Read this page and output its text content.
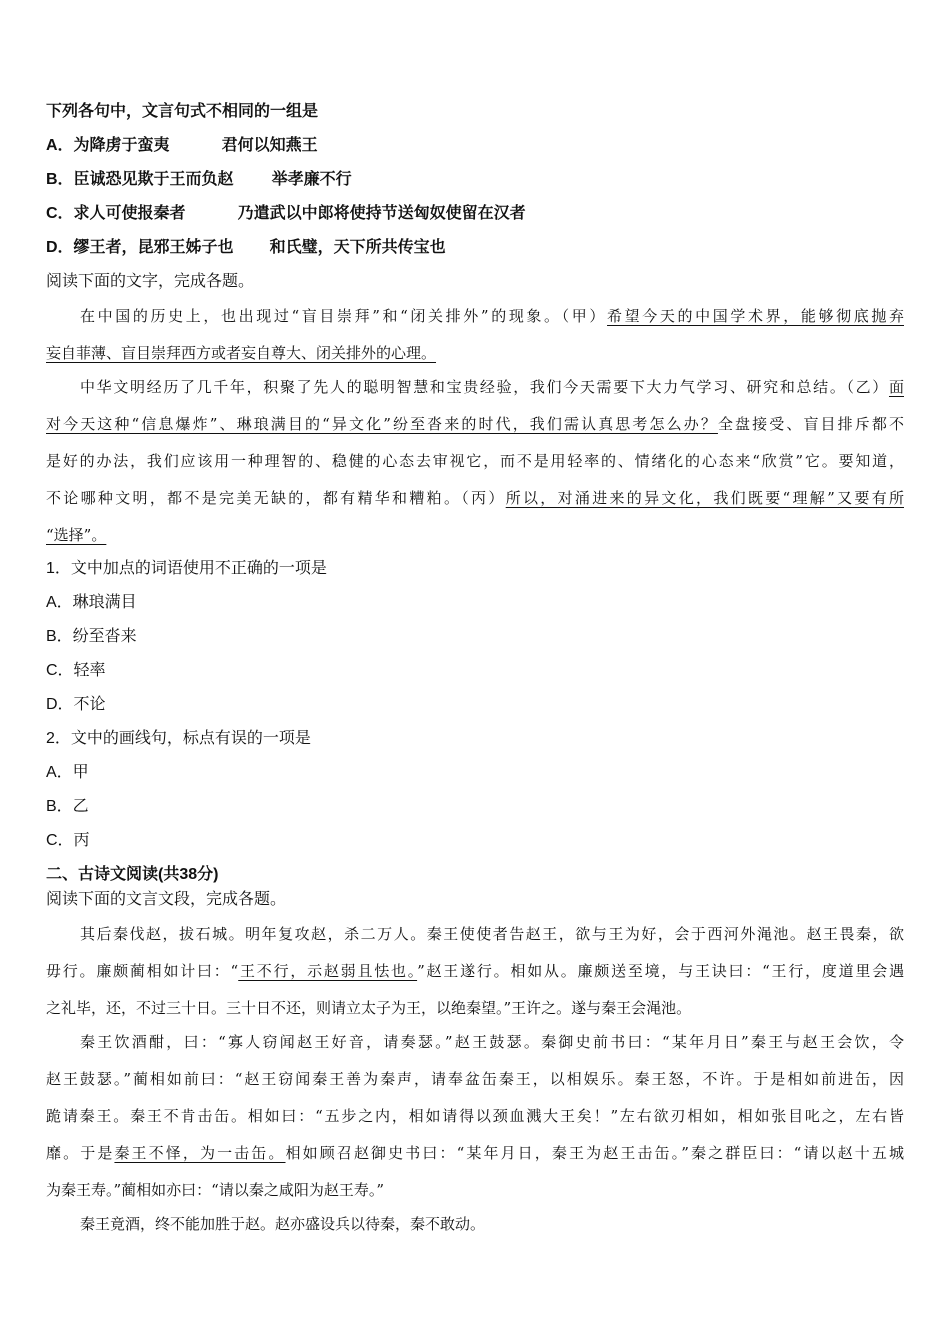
下列各句中，文言句式不相同的一组是
A．为降虏于蛮夷	君何以知燕王
B．臣诚恐见欺于王而负赵 举孝廉不行
C．求人可使报秦者	乃遣武以中郎将使持节送匈奴使留在汉者
D．缪王者，昆邪王姊子也 和氏璧，天下所共传宝也
阅读下面的文字，完成各题。
在中国的历史上，也出现过“盲目崇拜”和“闭关排外”的现象。（甲）希望今天的中国学术界，能够彻底抛弃
妄自菲薄、盲目崇拜西方或者妄自尊大、闭关排外的心理。
中华文明经历了几千年，积聚了先人的聪明智慧和宝贵经验，我们今天需要下大力气学习、研究和总结。（乙）面
对今天这种“信息爆炸”、琳琅满目的“异文化”纷至沓来的时代，我们需认真思考怎么办？全盘接受、盲目排斥都不
是好的办法，我们应该用一种理智的、稳健的心态去审视它，而不是用轻率的、情绪化的心态来“欣赏”它。要知道，
不论哪种文明，都不是完美无缺的，都有精华和糟粕。（丙）所以，对涌进来的异文化，我们既要“理解”又要有所
“选择”。
1．文中加点的词语使用不正确的一项是
A．琳琅满目
B．纷至沓来
C．轻率
D．不论
2．文中的画线句，标点有误的一项是
A．甲
B．乙
C．丙
二、古诗文阅读(共38分)
阅读下面的文言文段，完成各题。
其后秦伐赵，拔石城。明年复攻赵，杀二万人。秦王使使者告赵王，欲与王为好，会于西河外渑池。赵王畏秦，欲
毋行。廉颇蔺相如计曰：“王不行，示赵弱且怯也。”赵王遂行。相如从。廉颇送至境，与王诀曰：“王行，度道里会遇
之礼毕，还，不过三十日。三十日不还，则请立太子为王，以绝秦望。”王许之。遂与秦王会渑池。
秦王饮酒酣，曰：“寡人窃闻赵王好音，请奏瑟。”赵王鼓瑟。秦御史前书曰：“某年月日”秦王与赵王会饮，令
赵王鼓瑟。”蔺相如前曰：“赵王窃闻秦王善为秦声，请奉盆缶秦王，以相娱乐。秦王怒，不许。于是相如前进缶，因
跪请秦王。秦王不肯击缶。相如曰：“五步之内，相如请得以颈血溅大王矣！”左右欲刃相如，相如张目叱之，左右皆
靡。于是秦王不怿，为一击缶。相如顾召赵御史书曰：“某年月日，秦王为赵王击缶。”秦之群臣曰：“请以赵十五城
为秦王寿。”蔺相如亦曰：“请以秦之咸阳为赵王寿。”
秦王竟酒，终不能加胜于赵。赵亦盛设兵以待秦，秦不敢动。
